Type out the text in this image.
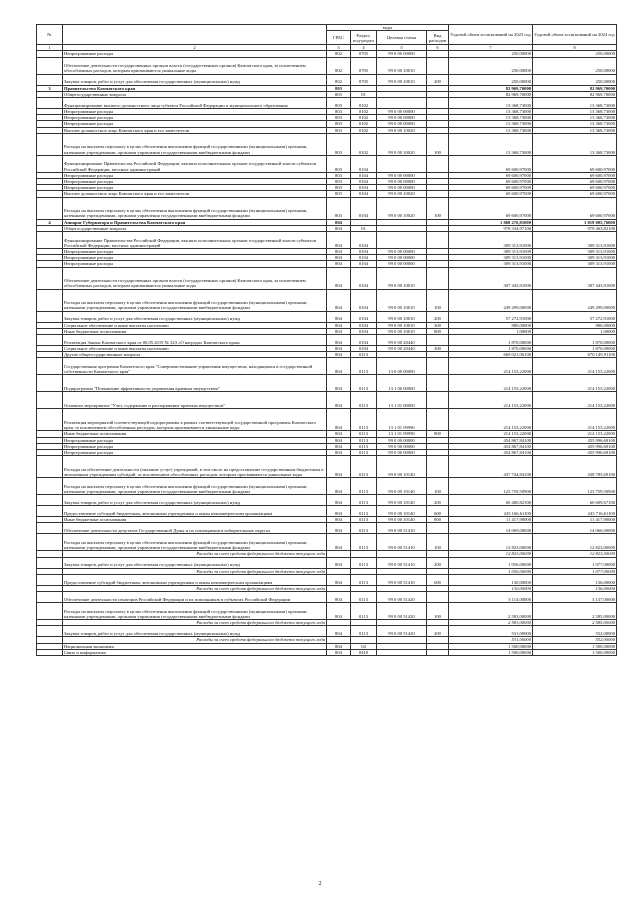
№		коды				Годовой объем ассигнований на 2023 год	Годовой объем ассигнований на 2024 год
		ГРБС	Раздел, под-раздел	Целевая статья	Вид расходов		
1	2	3	4	5	6	7	8
	Непрограммные расходы	802	0705	99 0 00 00000		250,00000	250,00000
	Обеспечение деятельности государственных органов власти (государственных органов) Камчатского края, за исключением обособленных расходов, которым присваиваются уникальные коды	802	0705	99 0 00 10010		250,00000	250,00000
	Закупка товаров, работ и услуг для обеспечения государственных (муниципальных) нужд	802	0705	99 0 00 10010	200	250,00000	250,00000
3	Правительство Камчатского края	803				82 969,70000	82 969,70000
	Общегосударственные вопросы	803	01			82 969,70000	82 969,70000
	Функционирование высшего должностного лица субъекта Российской Федерации и муниципального образования	803	0102			13 368,73000	13 368,73000
	Непрограммные расходы	803	0102	99 0 00 00000		13 368,73000	13 368,73000
	Непрограммные расходы	803	0102	99 0 00 00000		13 368,73000	13 368,73000
	Непрограммные расходы	803	0102	99 0 00 00000		13 368,73000	13 368,73000
	Высшее должностное лицо Камчатского края и его заместители	803	0102	99 0 00 10020		13 368,73000	13 368,73000
	Расходы на выплаты персоналу в целях обеспечения выполнения функций государственными (муниципальными) органами, казенными учреждениями, органами управления государственными внебюджетными фондами	803	0102	99 0 00 10020	100	13 368,73000	13 368,73000
	Функционирование Правительства Российской Федерации, высших исполнительных органов государственной власти субъектов Российской Федерации, местных администраций	803	0104			69 600,97000	69 600,97000
	Непрограммные расходы	803	0104	99 0 00 00000		69 600,97000	69 600,97000
	Непрограммные расходы	803	0104	99 0 00 00000		69 600,97000	69 600,97000
	Непрограммные расходы	803	0104	99 0 00 00000		69 600,97000	69 600,97000
	Высшее должностное лицо Камчатского края и его заместители	803	0104	99 0 00 10020		69 600,97000	69 600,97000
	Расходы на выплаты персоналу в целях обеспечения выполнения функций государственными (муниципальными) органами, казенными учреждениями, органами управления государственными внебюджетными фондами	803	0104	99 0 00 10020	100	69 600,97000	69 600,97000
4	Аппарат Губернатора и Правительства Камчатского края	804				1 068 276,81000	1 019 005,76000
	Общегосударственные вопросы	804	01			978 334,97100	979 463,82100
	Функционирование Правительства Российской Федерации, высших исполнительных органов государственной власти субъектов Российской Федерации, местных администраций	804	0104			309 313,91000	309 313,91000
	Непрограммные расходы	804	0104	99 0 00 00000		309 313,91000	309 313,91000
	Непрограммные расходы	804	0104	99 0 00 00000		309 313,91000	309 313,91000
	Непрограммные расходы	804	0104	99 0 00 00000		309 313,91000	309 313,91000
	Обеспечение деятельности государственных органов власти (государственных органов) Камчатского края, за исключением обособленных расходов, которым присваиваются уникальные коды	804	0104	99 0 00 10010		307 443,91000	307 443,91000
	Расходы на выплаты персоналу в целях обеспечения выполнения функций государственными (муниципальными) органами, казенными учреждениями, органами управления государственными внебюджетными фондами	804	0104	99 0 00 10010	100	249 299,00000	249 299,00000
	Закупка товаров, работ и услуг для обеспечения государственных (муниципальных) нужд	804	0104	99 0 00 10010	200	57 272,91000	57 272,91000
	Социальное обеспечение и иные выплаты населению	804	0104	99 0 00 10010	300	880,00000	880,00000
	Иные бюджетные ассигнования	804	0104	99 0 00 10010	800	1,00000	1,00000
	Реализация Закона Камчатского края от 06.05.2019 № 323 «О наградах Камчатского края»	804	0104	99 0 00 20440		1 870,00000	1 870,00000
	Социальное обеспечение и иные выплаты населению	804	0104	99 0 00 20440	300	1 870,00000	1 870,00000
	Другие общегосударственные вопросы	804	0113			669 021,06100	670 149,91100
	Государственная программа Камчатского края "Совершенствование управления имуществом, находящимся в государственной собственности Камчатского края"	804	0113	13 0 00 00000		214 153,22000	214 153,22000
	Подпрограмма "Повышение эффективности управления краевым имуществом"	804	0113	13 1 00 00000		214 153,22000	214 153,22000
	Основное мероприятие "Учет, содержание и распоряжение краевым имуществом"	804	0113	13 1 01 00000		214 153,22000	214 153,22000
	Реализация мероприятий соответствующей подпрограммы в рамках соответствующей государственной программы Камчатского края, за исключением обособленных расходов, которым присваиваются уникальные коды	804	0113	13 1 01 09990		214 153,22000	214 153,22000
	Иные бюджетные ассигнования	804	0113	13 1 01 09990	800	214 153,22000	214 153,22000
	Непрограммные расходы	804	0113	99 0 00 00000		454 867,84100	455 996,69100
	Непрограммные расходы	804	0113	99 0 00 00000		454 867,84100	455 996,69100
	Непрограммные расходы	804	0113	99 0 00 00000		454 867,84100	455 996,69100
	Расходы на обеспечение деятельности (оказание услуг) учреждений, в том числе на предоставление государственным бюджетным и автономным учреждениям субсидий, за исключением обособленных расходов, которым присваиваются уникальные коды	804	0113	99 0 00 10140		437 744,84100	438 785,69100
	Расходы на выплаты персоналу в целях обеспечения выполнения функций государственными (муниципальными) органами, казенными учреждениями, органами управления государственными внебюджетными фондами	804	0113	99 0 00 10140	100	123 759,50900	123 759,50900
	Закупка товаров, работ и услуг для обеспечения государственных (муниципальных) нужд	804	0113	99 0 00 10140	200	60 400,82100	60 609,67100
	Предоставление субсидий бюджетным, автономным учреждениям и иным некоммерческим организациям	804	0113	99 0 00 10140	600	243 166,61100	243 716,61100
	Иные бюджетные ассигнования	804	0113	99 0 00 10140	800	11 417,90000	11 417,90000
	Обеспечение деятельности депутатов Государственной Думы и их помощников в избирательных округах	804	0113	99 0 00 51410		14 069,00000	14 066,00000
	Расходы на выплаты персоналу в целях обеспечения выполнения функций государственными (муниципальными) органами, казенными учреждениями, органами управления государственными внебюджетными фондами	804	0113	99 0 00 51410	100	12 823,00000	12 823,00000
	Расходы за счет средств федерального бюджета текущего года					12 823,00000	12 823,00000
	Закупка товаров, работ и услуг для обеспечения государственных (муниципальных) нужд	804	0113	99 0 00 51410	200	1 056,00000	1 077,00000
	Расходы за счет средств федерального бюджета текущего года					1 056,00000	1 077,00000
	Предоставление субсидий бюджетным, автономным учреждениям и иным некоммерческим организациям	804	0113	99 0 00 51410	600	130,00000	136,00000
	Расходы за счет средств федерального бюджета текущего года					130,00000	136,00000
	Обеспечение деятельности сенаторов Российской Федерации и их помощников в субъектах Российской Федерации	804	0113	99 0 00 51420		3 114,00000	3 137,00000
	Расходы на выплаты персоналу в целях обеспечения выполнения функций государственными (муниципальными) органами, казенными учреждениями, органами управления государственными внебюджетными фондами	804	0113	99 0 00 51420	100	2 583,00000	2 585,00000
	Расходы за счет средств федерального бюджета текущего года					2 583,00000	2 585,00000
	Закупка товаров, работ и услуг для обеспечения государственных (муниципальных) нужд	804	0113	99 0 00 51420	200	531,00000	552,00000
	Расходы за счет средств федерального бюджета текущего года					531,00000	552,00000
	Национальная экономика	804	04			1 500,00000	1 500,00000
	Связь и информатика	804	0410			1 500,00000	1 500,00000
2
